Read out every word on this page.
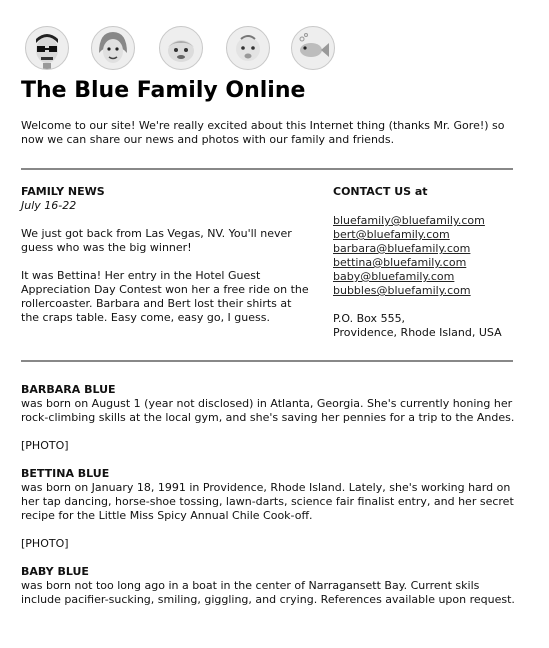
The Blue Family Online
Welcome to our site! We're really excited about this Internet thing (thanks Mr. Gore!) so now we can share our news and photos with our family and friends.
FAMILY NEWS
July 16-22

We just got back from Las Vegas, NV. You'll never guess who was the big winner!

It was Bettina! Her entry in the Hotel Guest Appreciation Day Contest won her a free ride on the rollercoaster. Barbara and Bert lost their shirts at the craps table. Easy come, easy go, I guess.

CONTACT US at
bluefamily@bluefamily.com
bert@bluefamily.com
barbara@bluefamily.com
bettina@bluefamily.com
baby@bluefamily.com
bubbles@bluefamily.com
P.O. Box 555,
Providence, Rhode Island, USA
BARBARA BLUE
was born on August 1 (year not disclosed) in Atlanta, Georgia. She's currently honing her rock-climbing skills at the local gym, and she's saving her pennies for a trip to the Andes.
[PHOTO]
BETTINA BLUE
was born on January 18, 1991 in Providence, Rhode Island. Lately, she's working hard on her tap dancing, horse-shoe tossing, lawn-darts, science fair finalist entry, and her secret recipe for the Little Miss Spicy Annual Chile Cook-off.
[PHOTO]
BABY BLUE
was born not too long ago in a boat in the center of Narragansett Bay. Current skils include pacifier-sucking, smiling, giggling, and crying. References available upon request.
